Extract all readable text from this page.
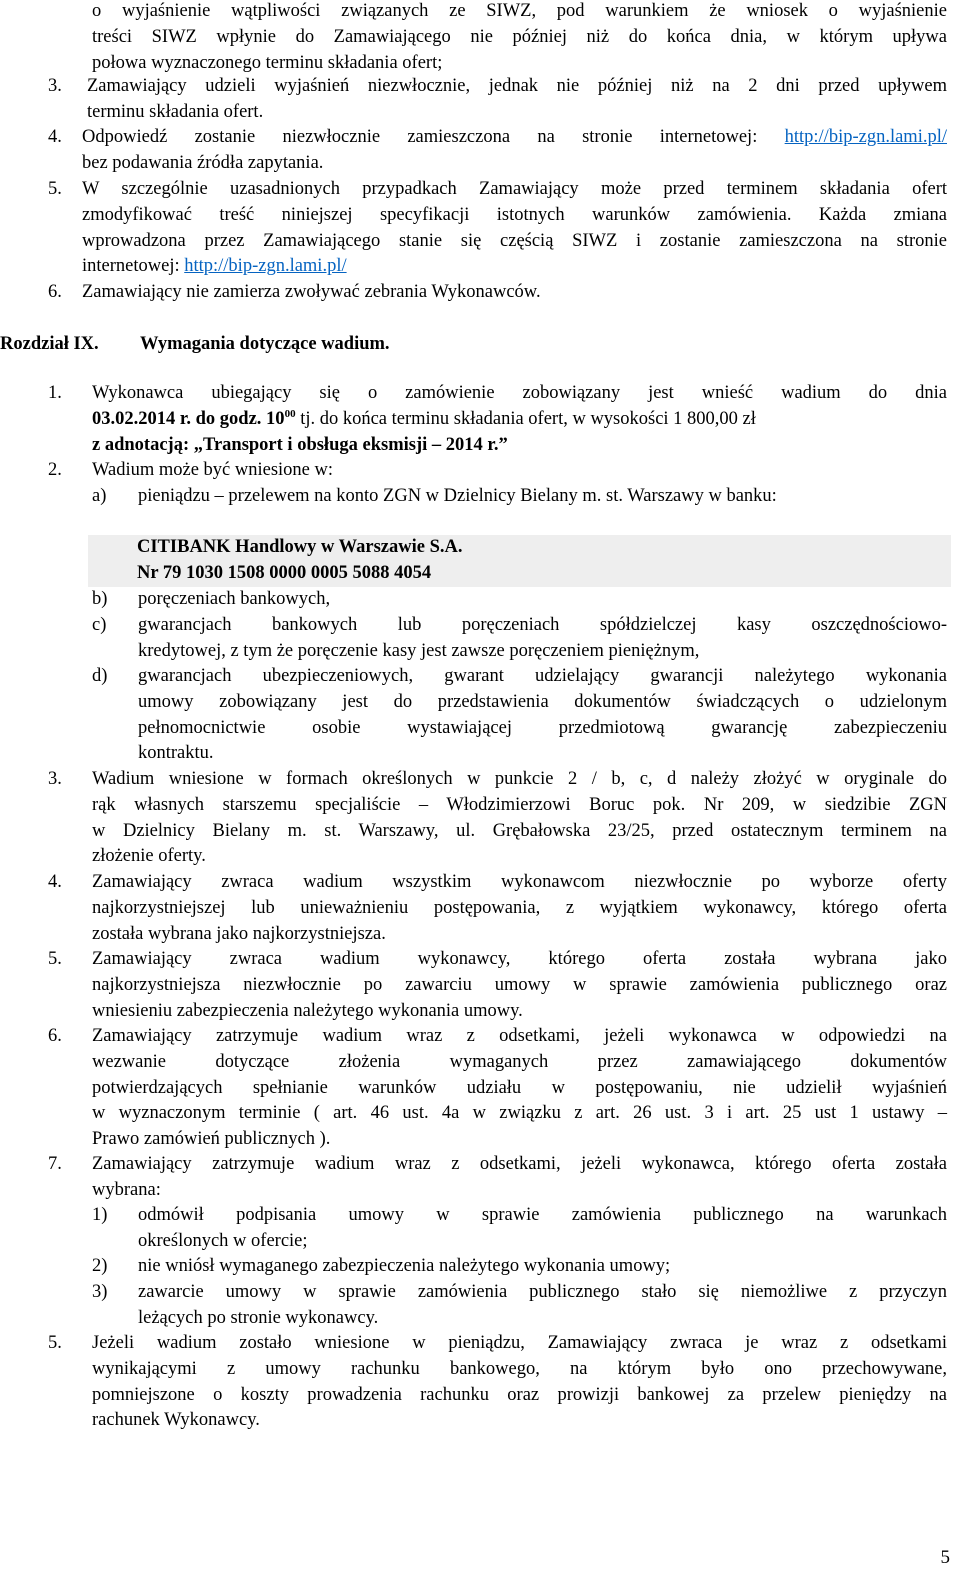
o wyjaśnienie wątpliwości związanych ze SIWZ, pod warunkiem że wniosek o wyjaśnienie
treści SIWZ wpłynie do Zamawiającego nie później niż do końca dnia, w którym upływa
połowa wyznaczonego terminu składania ofert;
3. Zamawiający udzieli wyjaśnień niezwłocznie, jednak nie później niż na 2 dni przed upływem
terminu składania ofert.
4. Odpowiedź zostanie niezwłocznie zamieszczona na stronie internetowej: http://bip-zgn.lami.pl/
bez podawania źródła zapytania.
5. W szczególnie uzasadnionych przypadkach Zamawiający może przed terminem składania ofert
zmodyfikować treść niniejszej specyfikacji istotnych warunków zamówienia. Każda zmiana
wprowadzona przez Zamawiającego stanie się częścią SIWZ i zostanie zamieszczona na stronie
internetowej: http://bip-zgn.lami.pl/
6. Zamawiający nie zamierza zwoływać zebrania Wykonawców.
Rozdział IX. Wymagania dotyczące wadium.
1. Wykonawca ubiegający się o zamówienie zobowiązany jest wnieść wadium do dnia
03.02.2014 r. do godz. $10^{00}$ tj. do końca terminu składania ofert, w wysokości 1 800,00 zł
z adnotacją: „Transport i obsługa eksmisji – 2014 r.”
2. Wadium może być wniesione w:
a) pieniądzu – przelewem na konto ZGN w Dzielnicy Bielany m. st. Warszawy w banku:
CITIBANK Handlowy w Warszawie S.A.
Nr 79 1030 1508 0000 0005 5088 4054
b) poręczeniach bankowych,
c) gwarancjach bankowych lub poręczeniach spółdzielczej kasy oszczędnościowo-
kredytowej, z tym że poręczenie kasy jest zawsze poręczeniem pieniężnym,
d) gwarancjach ubezpieczeniowych, gwarant udzielający gwarancji należytego wykonania
umowy zobowiązany jest do przedstawienia dokumentów świadczących o udzielonym
pełnomocnictwie osobie wystawiającej przedmiotową gwarancję zabezpieczeniu
kontraktu.
3. Wadium wniesione w formach określonych w punkcie 2 / b, c, d należy złożyć w oryginale do
rąk własnych starszemu specjaliście – Włodzimierzowi Boruc pok. Nr 209, w siedzibie ZGN
w Dzielnicy Bielany m. st. Warszawy, ul. Grębałowska 23/25, przed ostatecznym terminem na
złożenie oferty.
4. Zamawiający zwraca wadium wszystkim wykonawcom niezwłocznie po wyborze oferty
najkorzystniejszej lub unieważnieniu postępowania, z wyjątkiem wykonawcy, którego oferta
została wybrana jako najkorzystniejsza.
5. Zamawiający zwraca wadium wykonawcy, którego oferta została wybrana jako
najkorzystniejsza niezwłocznie po zawarciu umowy w sprawie zamówienia publicznego oraz
wniesieniu zabezpieczenia należytego wykonania umowy.
6. Zamawiający zatrzymuje wadium wraz z odsetkami, jeżeli wykonawca w odpowiedzi na
wezwanie dotyczące złożenia wymaganych przez zamawiającego dokumentów
potwierdzających spełnianie warunków udziału w postępowaniu, nie udzielił wyjaśnień
w wyznaczonym terminie ( art. 46 ust. 4a w związku z art. 26 ust. 3 i art. 25 ust 1 ustawy –
Prawo zamówień publicznych ).
7. Zamawiający zatrzymuje wadium wraz z odsetkami, jeżeli wykonawca, którego oferta została
wybrana:
1) odmówił podpisania umowy w sprawie zamówienia publicznego na warunkach
określonych w ofercie;
2) nie wniósł wymaganego zabezpieczenia należytego wykonania umowy;
3) zawarcie umowy w sprawie zamówienia publicznego stało się niemożliwe z przyczyn
leżących po stronie wykonawcy.
5. Jeżeli wadium zostało wniesione w pieniądzu, Zamawiający zwraca je wraz z odsetkami
wynikającymi z umowy rachunku bankowego, na którym było ono przechowywane,
pomniejszone o koszty prowadzenia rachunku oraz prowizji bankowej za przelew pieniędzy na
rachunek Wykonawcy.
5
